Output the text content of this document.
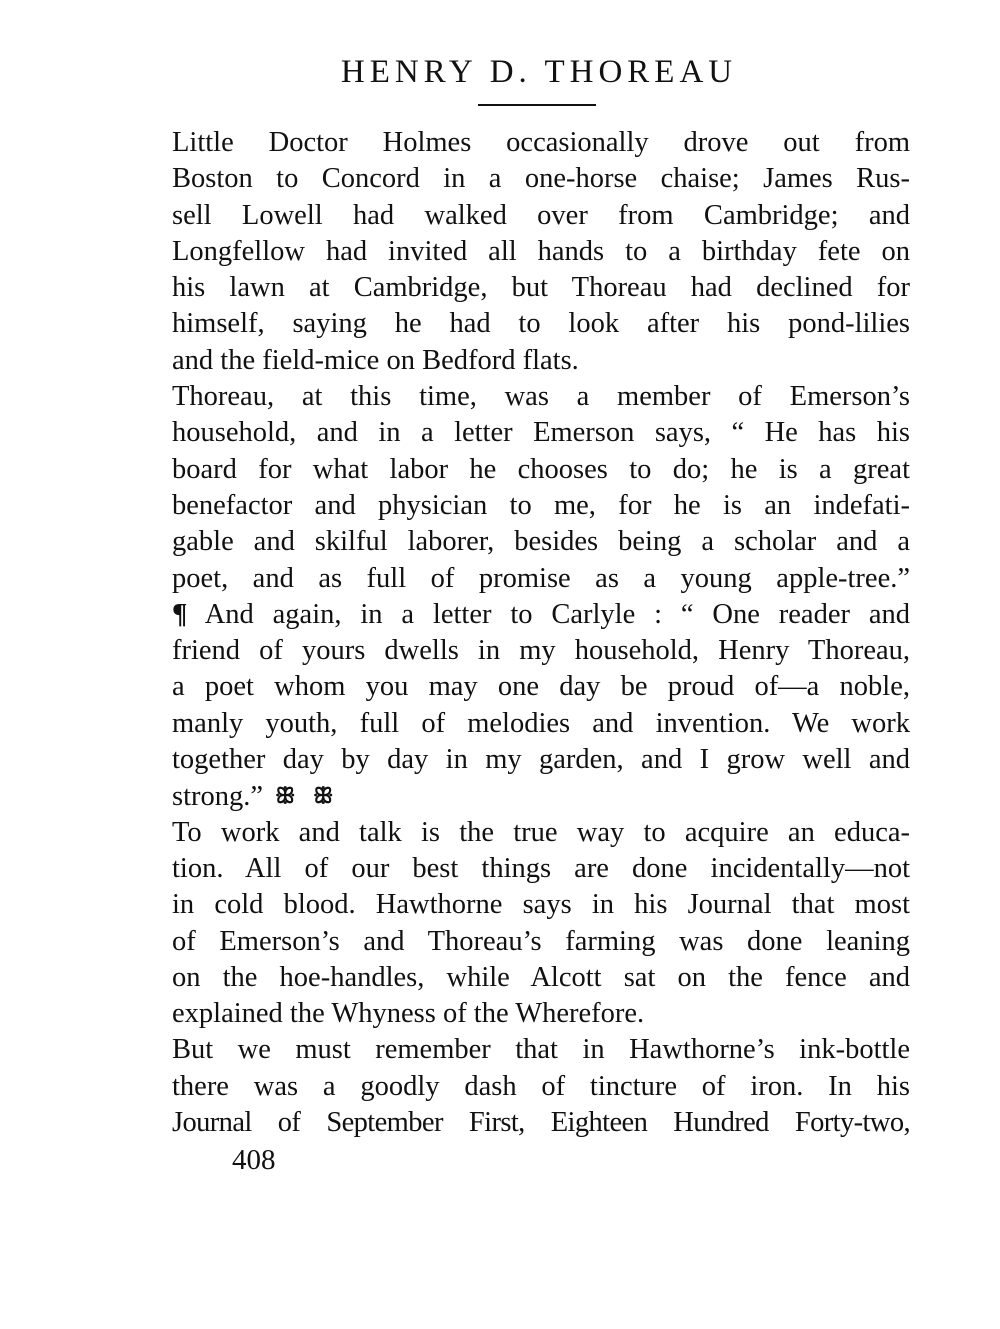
HENRY D. THOREAU
Little Doctor Holmes occasionally drove out from
Boston to Concord in a one-horse chaise; James Rus-
sell Lowell had walked over from Cambridge; and
Longfellow had invited all hands to a birthday fete on
his lawn at Cambridge, but Thoreau had declined for
himself, saying he had to look after his pond-lilies
and the field-mice on Bedford flats.
Thoreau, at this time, was a member of Emerson’s
household, and in a letter Emerson says, “ He has his
board for what labor he chooses to do; he is a great
benefactor and physician to me, for he is an indefati-
gable and skilful laborer, besides being a scholar and a
poet, and as full of promise as a young apple-tree.”
¶ And again, in a letter to Carlyle : “ One reader and
friend of yours dwells in my household, Henry Thoreau,
a poet whom you may one day be proud of—a noble,
manly youth, full of melodies and invention. We work
together day by day in my garden, and I grow well and
strong.” ꕥ ꕥ
To work and talk is the true way to acquire an educa-
tion. All of our best things are done incidentally—not
in cold blood. Hawthorne says in his Journal that most
of Emerson’s and Thoreau’s farming was done leaning
on the hoe-handles, while Alcott sat on the fence and
explained the Whyness of the Wherefore.
But we must remember that in Hawthorne’s ink-bottle
there was a goodly dash of tincture of iron. In his
Journal of September First, Eighteen Hundred Forty-two,
408
